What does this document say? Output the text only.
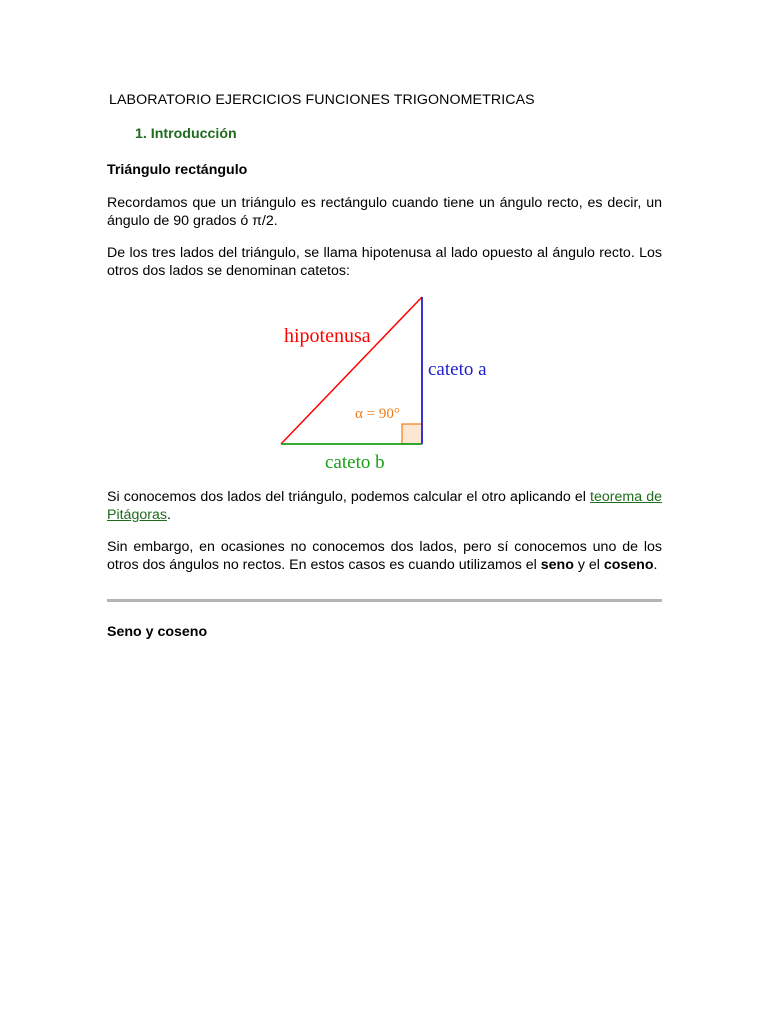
LABORATORIO EJERCICIOS FUNCIONES TRIGONOMETRICAS
1. Introducción
Triángulo rectángulo

Recordamos que un triángulo es rectángulo cuando tiene un ángulo recto, es decir, un ángulo de 90 grados ó π/2.

De los tres lados del triángulo, se llama hipotenusa al lado opuesto al ángulo recto. Los otros dos lados se denominan catetos:

hipotenusa
cateto a
cateto b
α = 90°

Si conocemos dos lados del triángulo, podemos calcular el otro aplicando el teorema de Pitágoras.

Sin embargo, en ocasiones no conocemos dos lados, pero sí conocemos uno de los otros dos ángulos no rectos. En estos casos es cuando utilizamos el seno y el coseno.

Seno y coseno
